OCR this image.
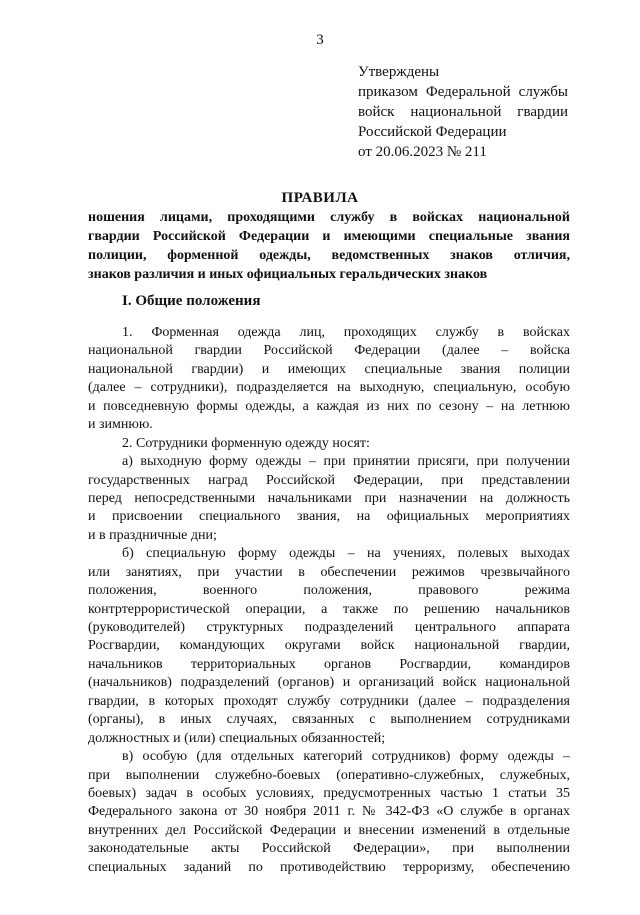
3
Утверждены
приказом Федеральной службы
войск национальной гвардии
Российской Федерации
от 20.06.2023 № 211
ПРАВИЛА
ношения лицами, проходящими службу в войсках национальной
гвардии Российской Федерации и имеющими специальные звания
полиции, форменной одежды, ведомственных знаков отличия,
знаков различия и иных официальных геральдических знаков
I. Общие положения
1. Форменная одежда лиц, проходящих службу в войсках
национальной гвардии Российской Федерации (далее – войска
национальной гвардии) и имеющих специальные звания полиции
(далее – сотрудники), подразделяется на выходную, специальную, особую
и повседневную формы одежды, а каждая из них по сезону – на летнюю
и зимнюю.
2. Сотрудники форменную одежду носят:
а) выходную форму одежды – при принятии присяги, при получении
государственных наград Российской Федерации, при представлении
перед непосредственными начальниками при назначении на должность
и присвоении специального звания, на официальных мероприятиях
и в праздничные дни;
б) специальную форму одежды – на учениях, полевых выходах
или занятиях, при участии в обеспечении режимов чрезвычайного
положения, военного положения, правового режима
контртеррористической операции, а также по решению начальников
(руководителей) структурных подразделений центрального аппарата
Росгвардии, командующих округами войск национальной гвардии,
начальников территориальных органов Росгвардии, командиров
(начальников) подразделений (органов) и организаций войск национальной
гвардии, в которых проходят службу сотрудники (далее – подразделения
(органы), в иных случаях, связанных с выполнением сотрудниками
должностных и (или) специальных обязанностей;
в) особую (для отдельных категорий сотрудников) форму одежды –
при выполнении служебно-боевых (оперативно-служебных, служебных,
боевых) задач в особых условиях, предусмотренных частью 1 статьи 35
Федерального закона от 30 ноября 2011 г. № 342-ФЗ «О службе в органах
внутренних дел Российской Федерации и внесении изменений в отдельные
законодательные акты Российской Федерации», при выполнении
специальных заданий по противодействию терроризму, обеспечению
